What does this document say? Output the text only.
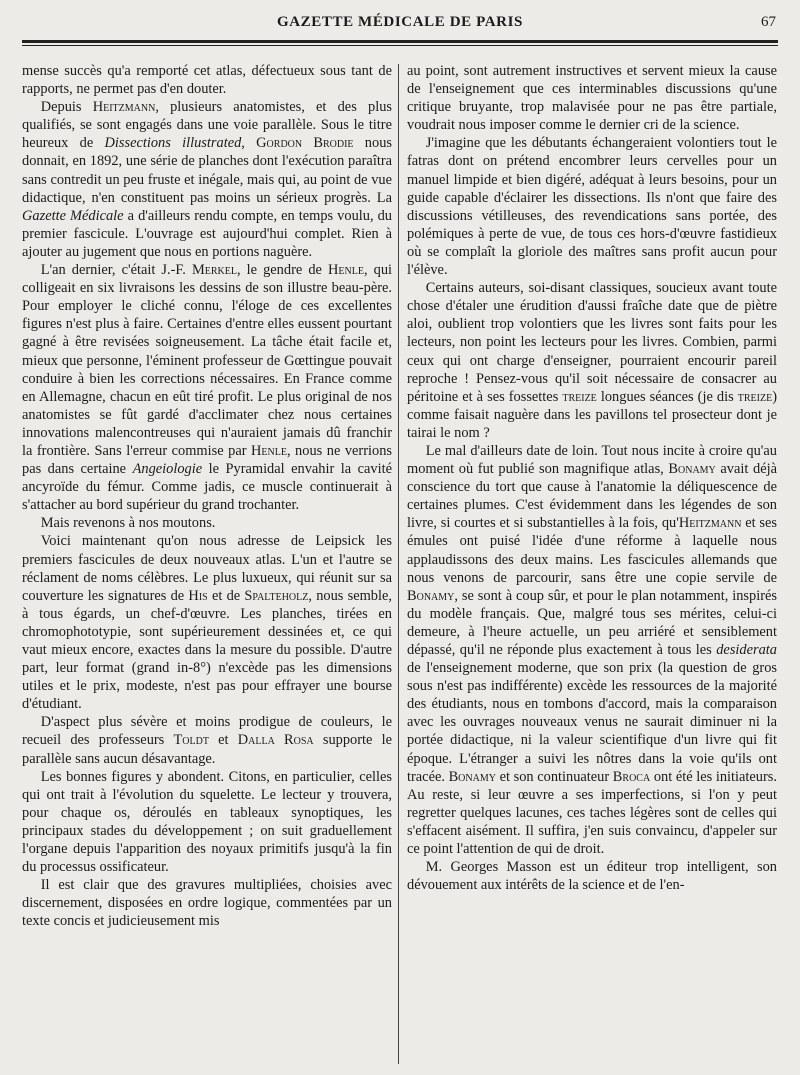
GAZETTE MÉDICALE DE PARIS	67

mense succès qu'a remporté cet atlas, défectueux sous tant de rapports, ne permet pas d'en douter.

Depuis Heitzmann, plusieurs anatomistes, et des plus qualifiés, se sont engagés dans une voie parallèle. Sous le titre heureux de Dissections illustrated, Gordon Brodie nous donnait, en 1892, une série de planches dont l'exécution paraîtra sans contredit un peu fruste et inégale, mais qui, au point de vue didactique, n'en constituent pas moins un sérieux progrès. La Gazette Médicale a d'ailleurs rendu compte, en temps voulu, du premier fascicule. L'ouvrage est aujourd'hui complet. Rien à ajouter au jugement que nous en portions naguère.

L'an dernier, c'était J.-F. Merkel, le gendre de Henle, qui colligeait en six livraisons les dessins de son illustre beau-père. Pour employer le cliché connu, l'éloge de ces excellentes figures n'est plus à faire. Certaines d'entre elles eussent pourtant gagné à être revisées soigneusement. La tâche était facile et, mieux que personne, l'éminent professeur de Gœttingue pouvait conduire à bien les corrections nécessaires. En France comme en Allemagne, chacun en eût tiré profit. Le plus original de nos anatomistes se fût gardé d'acclimater chez nous certaines innovations malencontreuses qui n'auraient jamais dû franchir la frontière. Sans l'erreur commise par Henle, nous ne verrions pas dans certaine Angeiologie le Pyramidal envahir la cavité ancyroïde du fémur. Comme jadis, ce muscle continuerait à s'attacher au bord supérieur du grand trochanter.

Mais revenons à nos moutons.

Voici maintenant qu'on nous adresse de Leipsick les premiers fascicules de deux nouveaux atlas. L'un et l'autre se réclament de noms célèbres. Le plus luxueux, qui réunit sur sa couverture les signatures de His et de Spalteholz, nous semble, à tous égards, un chef-d'œuvre. Les planches, tirées en chromophototypie, sont supérieurement dessinées et, ce qui vaut mieux encore, exactes dans la mesure du possible. D'autre part, leur format (grand in-8°) n'excède pas les dimensions utiles et le prix, modeste, n'est pas pour effrayer une bourse d'étudiant.

D'aspect plus sévère et moins prodigue de couleurs, le recueil des professeurs Toldt et Dalla Rosa supporte le parallèle sans aucun désavantage.

Les bonnes figures y abondent. Citons, en particulier, celles qui ont trait à l'évolution du squelette. Le lecteur y trouvera, pour chaque os, déroulés en tableaux synoptiques, les principaux stades du développement ; on suit graduellement l'organe depuis l'apparition des noyaux primitifs jusqu'à la fin du processus ossificateur.

Il est clair que des gravures multipliées, choisies avec discernement, disposées en ordre logique, commentées par un texte concis et judicieusement mis

au point, sont autrement instructives et servent mieux la cause de l'enseignement que ces interminables discussions qu'une critique bruyante, trop malavisée pour ne pas être partiale, voudrait nous imposer comme le dernier cri de la science.

J'imagine que les débutants échangeraient volontiers tout le fatras dont on prétend encombrer leurs cervelles pour un manuel limpide et bien digéré, adéquat à leurs besoins, pour un guide capable d'éclairer les dissections. Ils n'ont que faire des discussions vétilleuses, des revendications sans portée, des polémiques à perte de vue, de tous ces hors-d'œuvre fastidieux où se complaît la gloriole des maîtres sans profit aucun pour l'élève.

Certains auteurs, soi-disant classiques, soucieux avant toute chose d'étaler une érudition d'aussi fraîche date que de piètre aloi, oublient trop volontiers que les livres sont faits pour les lecteurs, non point les lecteurs pour les livres. Combien, parmi ceux qui ont charge d'enseigner, pourraient encourir pareil reproche ! Pensez-vous qu'il soit nécessaire de consacrer au péritoine et à ses fossettes treize longues séances (je dis treize) comme faisait naguère dans les pavillons tel prosecteur dont je tairai le nom ?

Le mal d'ailleurs date de loin. Tout nous incite à croire qu'au moment où fut publié son magnifique atlas, Bonamy avait déjà conscience du tort que cause à l'anatomie la déliquescence de certaines plumes. C'est évidemment dans les légendes de son livre, si courtes et si substantielles à la fois, qu'Heitzmann et ses émules ont puisé l'idée d'une réforme à laquelle nous applaudissons des deux mains. Les fascicules allemands que nous venons de parcourir, sans être une copie servile de Bonamy, se sont à coup sûr, et pour le plan notamment, inspirés du modèle français. Que, malgré tous ses mérites, celui-ci demeure, à l'heure actuelle, un peu arriéré et sensiblement dépassé, qu'il ne réponde plus exactement à tous les desiderata de l'enseignement moderne, que son prix (la question de gros sous n'est pas indifférente) excède les ressources de la majorité des étudiants, nous en tombons d'accord, mais la comparaison avec les ouvrages nouveaux venus ne saurait diminuer ni la portée didactique, ni la valeur scientifique d'un livre qui fit époque. L'étranger a suivi les nôtres dans la voie qu'ils ont tracée. Bonamy et son continuateur Broca ont été les initiateurs. Au reste, si leur œuvre a ses imperfections, si l'on y peut regretter quelques lacunes, ces taches légères sont de celles qui s'effacent aisément. Il suffira, j'en suis convaincu, d'appeler sur ce point l'attention de qui de droit.

M. Georges Masson est un éditeur trop intelligent, son dévouement aux intérêts de la science et de l'en-
